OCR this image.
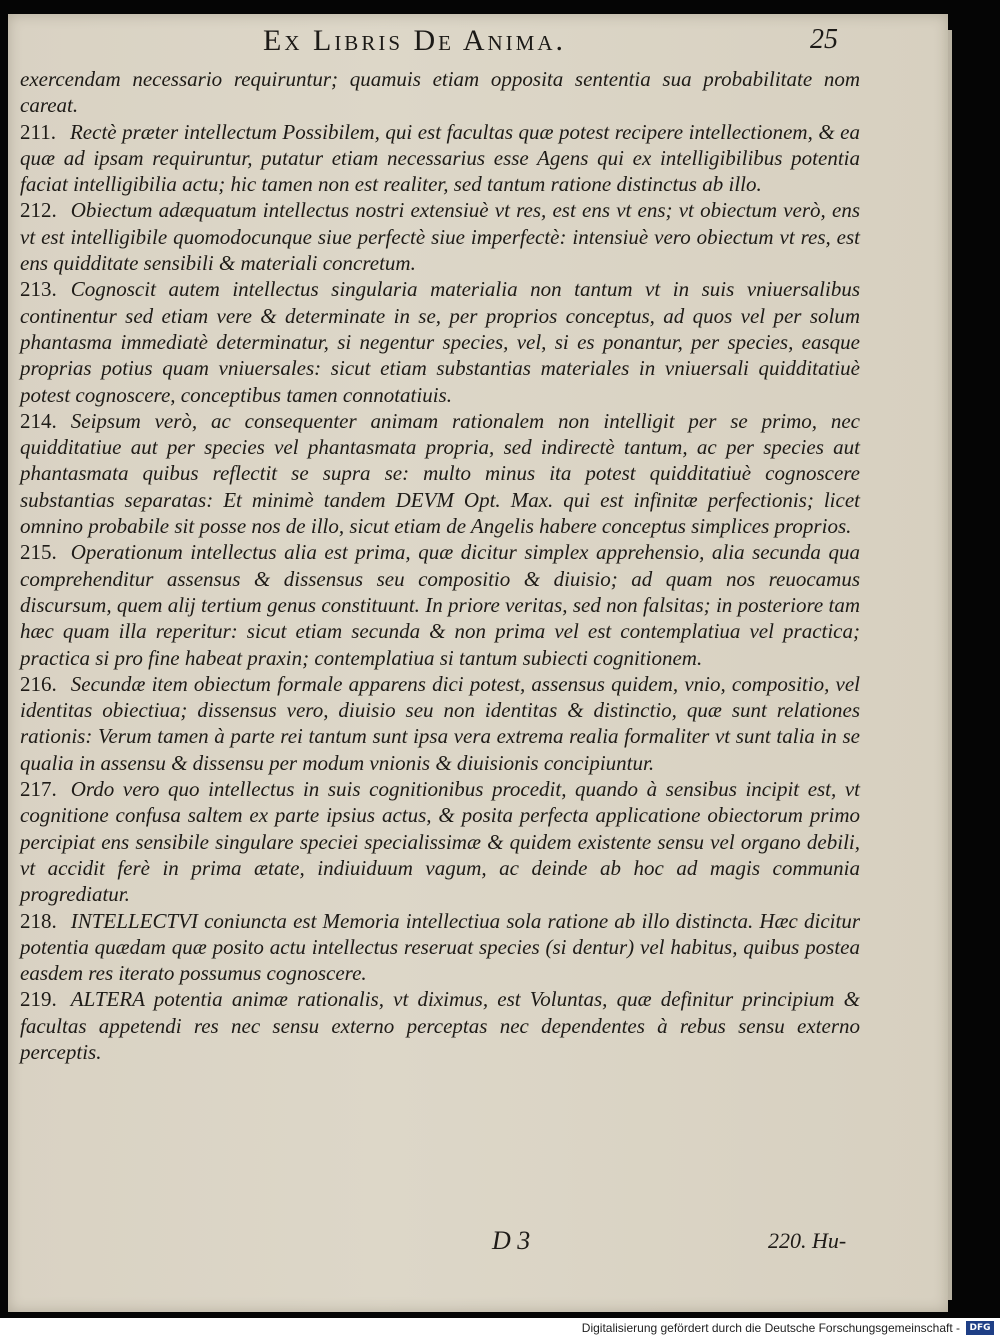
Ex Libris De Anima.	25

exercendam necessario requiruntur; quamuis etiam opposita sententia sua probabilitate nom careat.

211. Rectè præter intellectum Possibilem, qui est facultas quæ potest recipere intellectionem, & ea quæ ad ipsam requiruntur, putatur etiam necessarius esse Agens qui ex intelligibilibus potentia faciat intelligibilia actu; hic tamen non est realiter, sed tantum ratione distinctus ab illo.

212. Obiectum adæquatum intellectus nostri extensiuè vt res, est ens vt ens; vt obiectum verò, ens vt est intelligibile quomodocunque siue perfectè siue imperfectè: intensiuè vero obiectum vt res, est ens quidditate sensibili & materiali concretum.

213. Cognoscit autem intellectus singularia materialia non tantum vt in suis vniuersalibus continentur sed etiam vere & determinate in se, per proprios conceptus, ad quos vel per solum phantasma immediatè determinatur, si negentur species, vel, si es ponantur, per species, easque proprias potius quam vniuersales: sicut etiam substantias materiales in vniuersali quidditatiuè potest cognoscere, conceptibus tamen connotatiuis.

214. Seipsum verò, ac consequenter animam rationalem non intelligit per se primo, nec quidditatiue aut per species vel phantasmata propria, sed indirectè tantum, ac per species aut phantasmata quibus reflectit se supra se: multo minus ita potest quidditatiuè cognoscere substantias separatas: Et minimè tandem DEVM Opt. Max. qui est infinitæ perfectionis; licet omnino probabile sit posse nos de illo, sicut etiam de Angelis habere conceptus simplices proprios.

215. Operationum intellectus alia est prima, quæ dicitur simplex apprehensio, alia secunda qua comprehenditur assensus & dissensus seu compositio & diuisio; ad quam nos reuocamus discursum, quem alij tertium genus constituunt. In priore veritas, sed non falsitas; in posteriore tam hæc quam illa reperitur: sicut etiam secunda & non prima vel est contemplatiua vel practica; practica si pro fine habeat praxin; contemplatiua si tantum subiecti cognitionem.

216. Secundæ item obiectum formale apparens dici potest, assensus quidem, vnio, compositio, vel identitas obiectiua; dissensus vero, diuisio seu non identitas & distinctio, quæ sunt relationes rationis: Verum tamen à parte rei tantum sunt ipsa vera extrema realia formaliter vt sunt talia in se qualia in assensu & dissensu per modum vnionis & diuisionis concipiuntur.

217. Ordo vero quo intellectus in suis cognitionibus procedit, quando à sensibus incipit est, vt cognitione confusa saltem ex parte ipsius actus, & posita perfecta applicatione obiectorum primo percipiat ens sensibile singulare speciei specialissimæ & quidem existente sensu vel organo debili, vt accidit ferè in prima ætate, indiuiduum vagum, ac deinde ab hoc ad magis communia progrediatur.

218. INTELLECTVI coniuncta est Memoria intellectiua sola ratione ab illo distincta. Hæc dicitur potentia quædam quæ posito actu intellectus reseruat species (si dentur) vel habitus, quibus postea easdem res iterato possumus cognoscere.

219. ALTERA potentia animæ rationalis, vt diximus, est Voluntas, quæ definitur principium & facultas appetendi res nec sensu externo perceptas nec dependentes à rebus sensu externo perceptis.

D 3	220. Hu-
Digitalisierung gefördert durch die Deutsche Forschungsgemeinschaft -	DFG
